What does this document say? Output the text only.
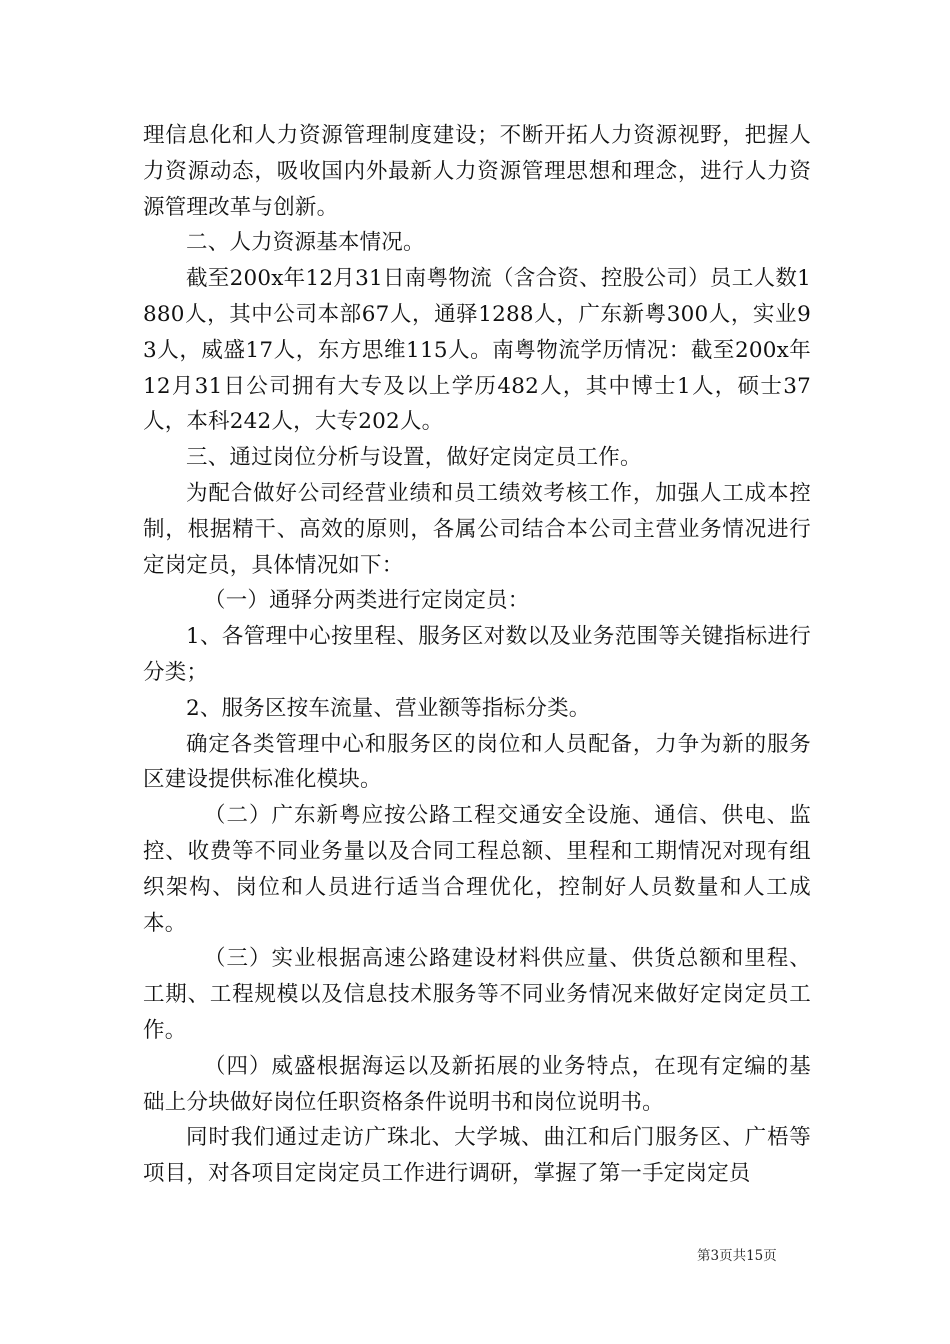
理信息化和人力资源管理制度建设；不断开拓人力资源视野，把握人力资源动态，吸收国内外最新人力资源管理思想和理念，进行人力资源管理改革与创新。

二、人力资源基本情况。

截至200x年12月31日南粤物流（含合资、控股公司）员工人数1880人，其中公司本部67人，通驿1288人，广东新粤300人，实业93人，威盛17人，东方思维115人。南粤物流学历情况：截至200x年12月31日公司拥有大专及以上学历482人，其中博士1人，硕士37人，本科242人，大专202人。

三、通过岗位分析与设置，做好定岗定员工作。

为配合做好公司经营业绩和员工绩效考核工作，加强人工成本控制，根据精干、高效的原则，各属公司结合本公司主营业务情况进行定岗定员，具体情况如下：

（一）通驿分两类进行定岗定员：

1、各管理中心按里程、服务区对数以及业务范围等关键指标进行分类；

2、服务区按车流量、营业额等指标分类。

确定各类管理中心和服务区的岗位和人员配备，力争为新的服务区建设提供标准化模块。

（二）广东新粤应按公路工程交通安全设施、通信、供电、监控、收费等不同业务量以及合同工程总额、里程和工期情况对现有组织架构、岗位和人员进行适当合理优化，控制好人员数量和人工成本。

（三）实业根据高速公路建设材料供应量、供货总额和里程、工期、工程规模以及信息技术服务等不同业务情况来做好定岗定员工作。

（四）威盛根据海运以及新拓展的业务特点，在现有定编的基础上分块做好岗位任职资格条件说明书和岗位说明书。

同时我们通过走访广珠北、大学城、曲江和后门服务区、广梧等项目，对各项目定岗定员工作进行调研，掌握了第一手定岗定员

第3页共15页
